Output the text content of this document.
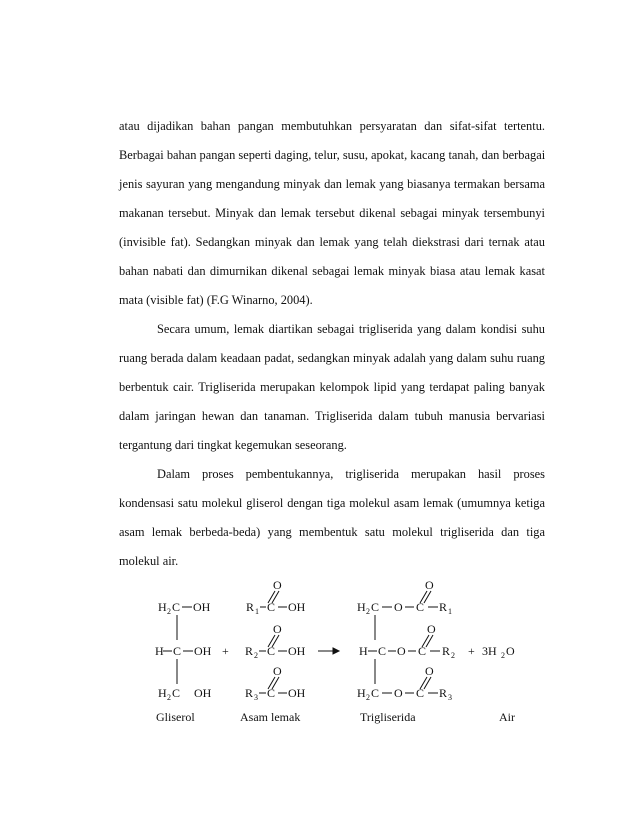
atau dijadikan bahan pangan membutuhkan persyaratan dan sifat-sifat tertentu.
Berbagai bahan pangan seperti daging, telur, susu, apokat, kacang tanah, dan berbagai
jenis sayuran yang mengandung minyak dan lemak yang biasanya termakan bersama
makanan tersebut. Minyak dan lemak tersebut dikenal sebagai minyak tersembunyi
(invisible fat). Sedangkan minyak dan lemak yang telah diekstrasi dari ternak atau
bahan nabati dan dimurnikan dikenal sebagai lemak minyak biasa atau lemak kasat
mata (visible fat) (F.G Winarno, 2004).
Secara umum, lemak diartikan sebagai trigliserida yang dalam kondisi suhu
ruang berada dalam keadaan padat, sedangkan minyak adalah yang dalam suhu ruang
berbentuk cair. Trigliserida merupakan kelompok lipid yang terdapat paling banyak
dalam jaringan hewan dan tanaman. Trigliserida dalam tubuh manusia bervariasi
tergantung dari tingkat kegemukan seseorang.
Dalam proses pembentukannya, trigliserida merupakan hasil proses
kondensasi satu molekul gliserol dengan tiga molekul asam lemak (umumnya ketiga
asam lemak berbeda-beda) yang membentuk satu molekul trigliserida dan tiga
molekul air.
H 2 C OH
H C OH
H 2 C OH
+
O
R 1 C OH
O
R 2 C OH
O
R 3 C OH
H 2 C O C
O
R 1
H C O C
O
R 2
H 2 C O C
O
R 3
+ 3H 2 O
Gliserol	Asam lemak	Trigliserida	Air
